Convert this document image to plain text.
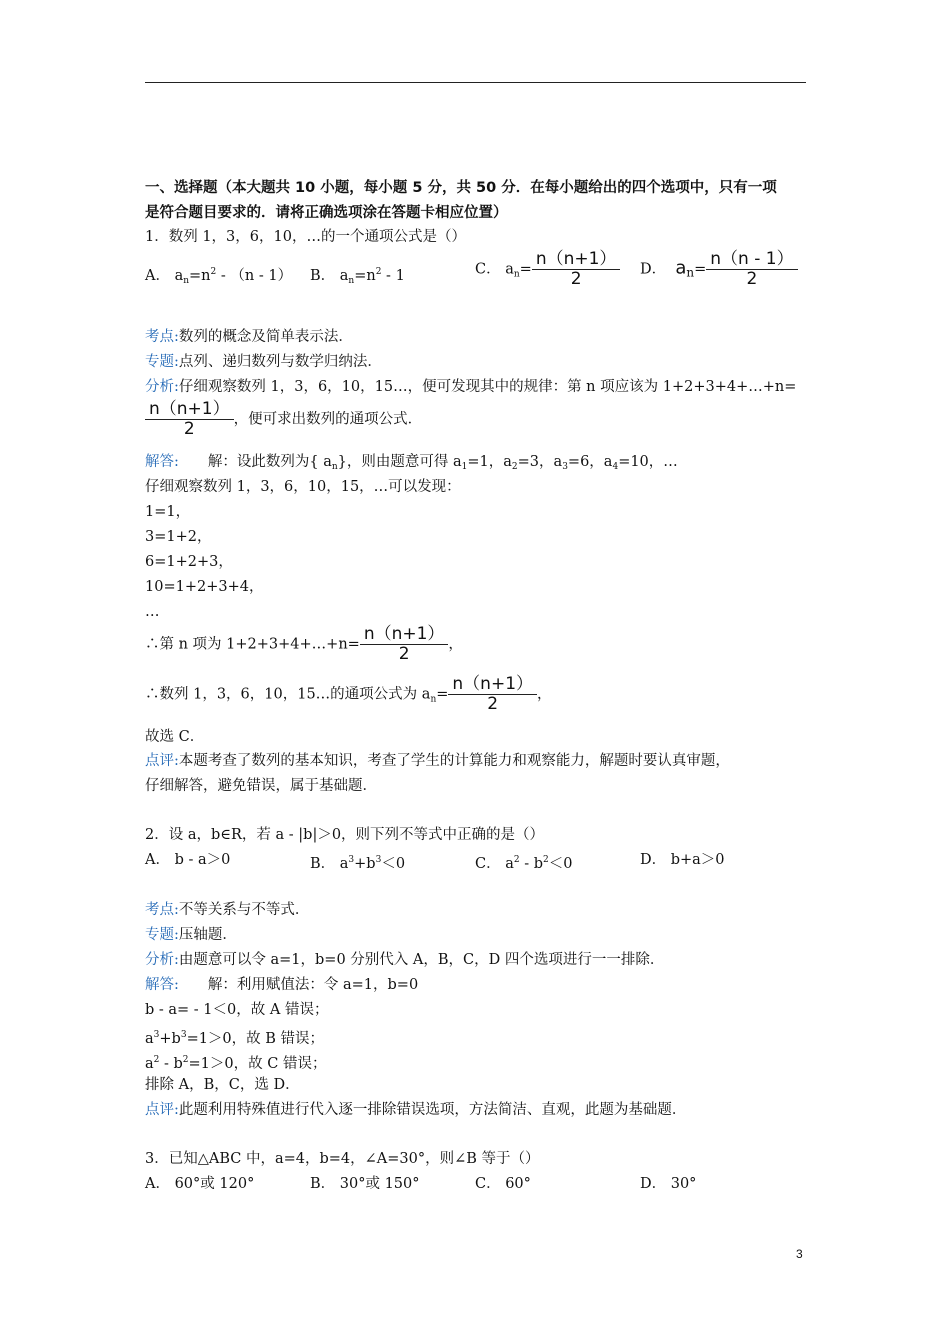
一、选择题（本大题共 10 小题，每小题 5 分，共 50 分．在每小题给出的四个选项中，只有一项
是符合题目要求的．请将正确选项涂在答题卡相应位置）
1．数列 1，3，6，10，…的一个通项公式是（）
A． $a_n=n^2 - (n - 1)$ B． $a_n=n^2 - 1$	C． $a_n= \frac{n(n+1)}{2}$ D． $a_n= \frac{n(n - 1)}{2}$
考点:数列的概念及简单表示法．
专题:点列、递归数列与数学归纳法．
分析:仔细观察数列 1，3，6，10，15…，便可发现其中的规律：第 n 项应该为 1+2+3+4+…+n=
$\frac{n(n+1)}{2}$ ，便可求出数列的通项公式．
解答:　　解：设此数列为{ $a_n$}，则由题意可得 $a_1=1$，$a_2=3$，$a_3=6$，$a_4=10$，…
仔细观察数列 1，3，6，10，15，…可以发现：
1=1，
3=1+2，
6=1+2+3，
10=1+2+3+4，
…
∴第 n 项为 1+2+3+4+…+n= $\frac{n(n+1)}{2}$ ，
∴数列 1，3，6，10，15…的通项公式为 $a_n= \frac{n(n+1)}{2}$ ，
故选 C．
点评:本题考查了数列的基本知识，考查了学生的计算能力和观察能力，解题时要认真审题，
仔细解答，避免错误，属于基础题．
2．设 a，b∈R，若 a - |b|＞0，则下列不等式中正确的是（）
A． b - a＞0	B． $a^3+b^3<0$	C． $a^2 - b^2<0$	D． b+a＞0
考点:不等关系与不等式．
专题:压轴题．
分析:由题意可以令 a=1，b=0 分别代入 A，B，C，D 四个选项进行一一排除．
解答:　　解：利用赋值法：令 a=1，b=0
b - a= - 1＜0，故 A 错误；
$a^3+b^3=1>0$，故 B 错误；
$a^2 - b^2=1>0$，故 C 错误；
排除 A，B，C，选 D．
点评:此题利用特殊值进行代入逐一排除错误选项，方法简洁、直观，此题为基础题．
3．已知△ABC 中，a=4，b=4，∠A=30°，则∠B 等于（）
A． 60°或 120°	B． 30°或 150°	C． 60°	D． 30°
3
